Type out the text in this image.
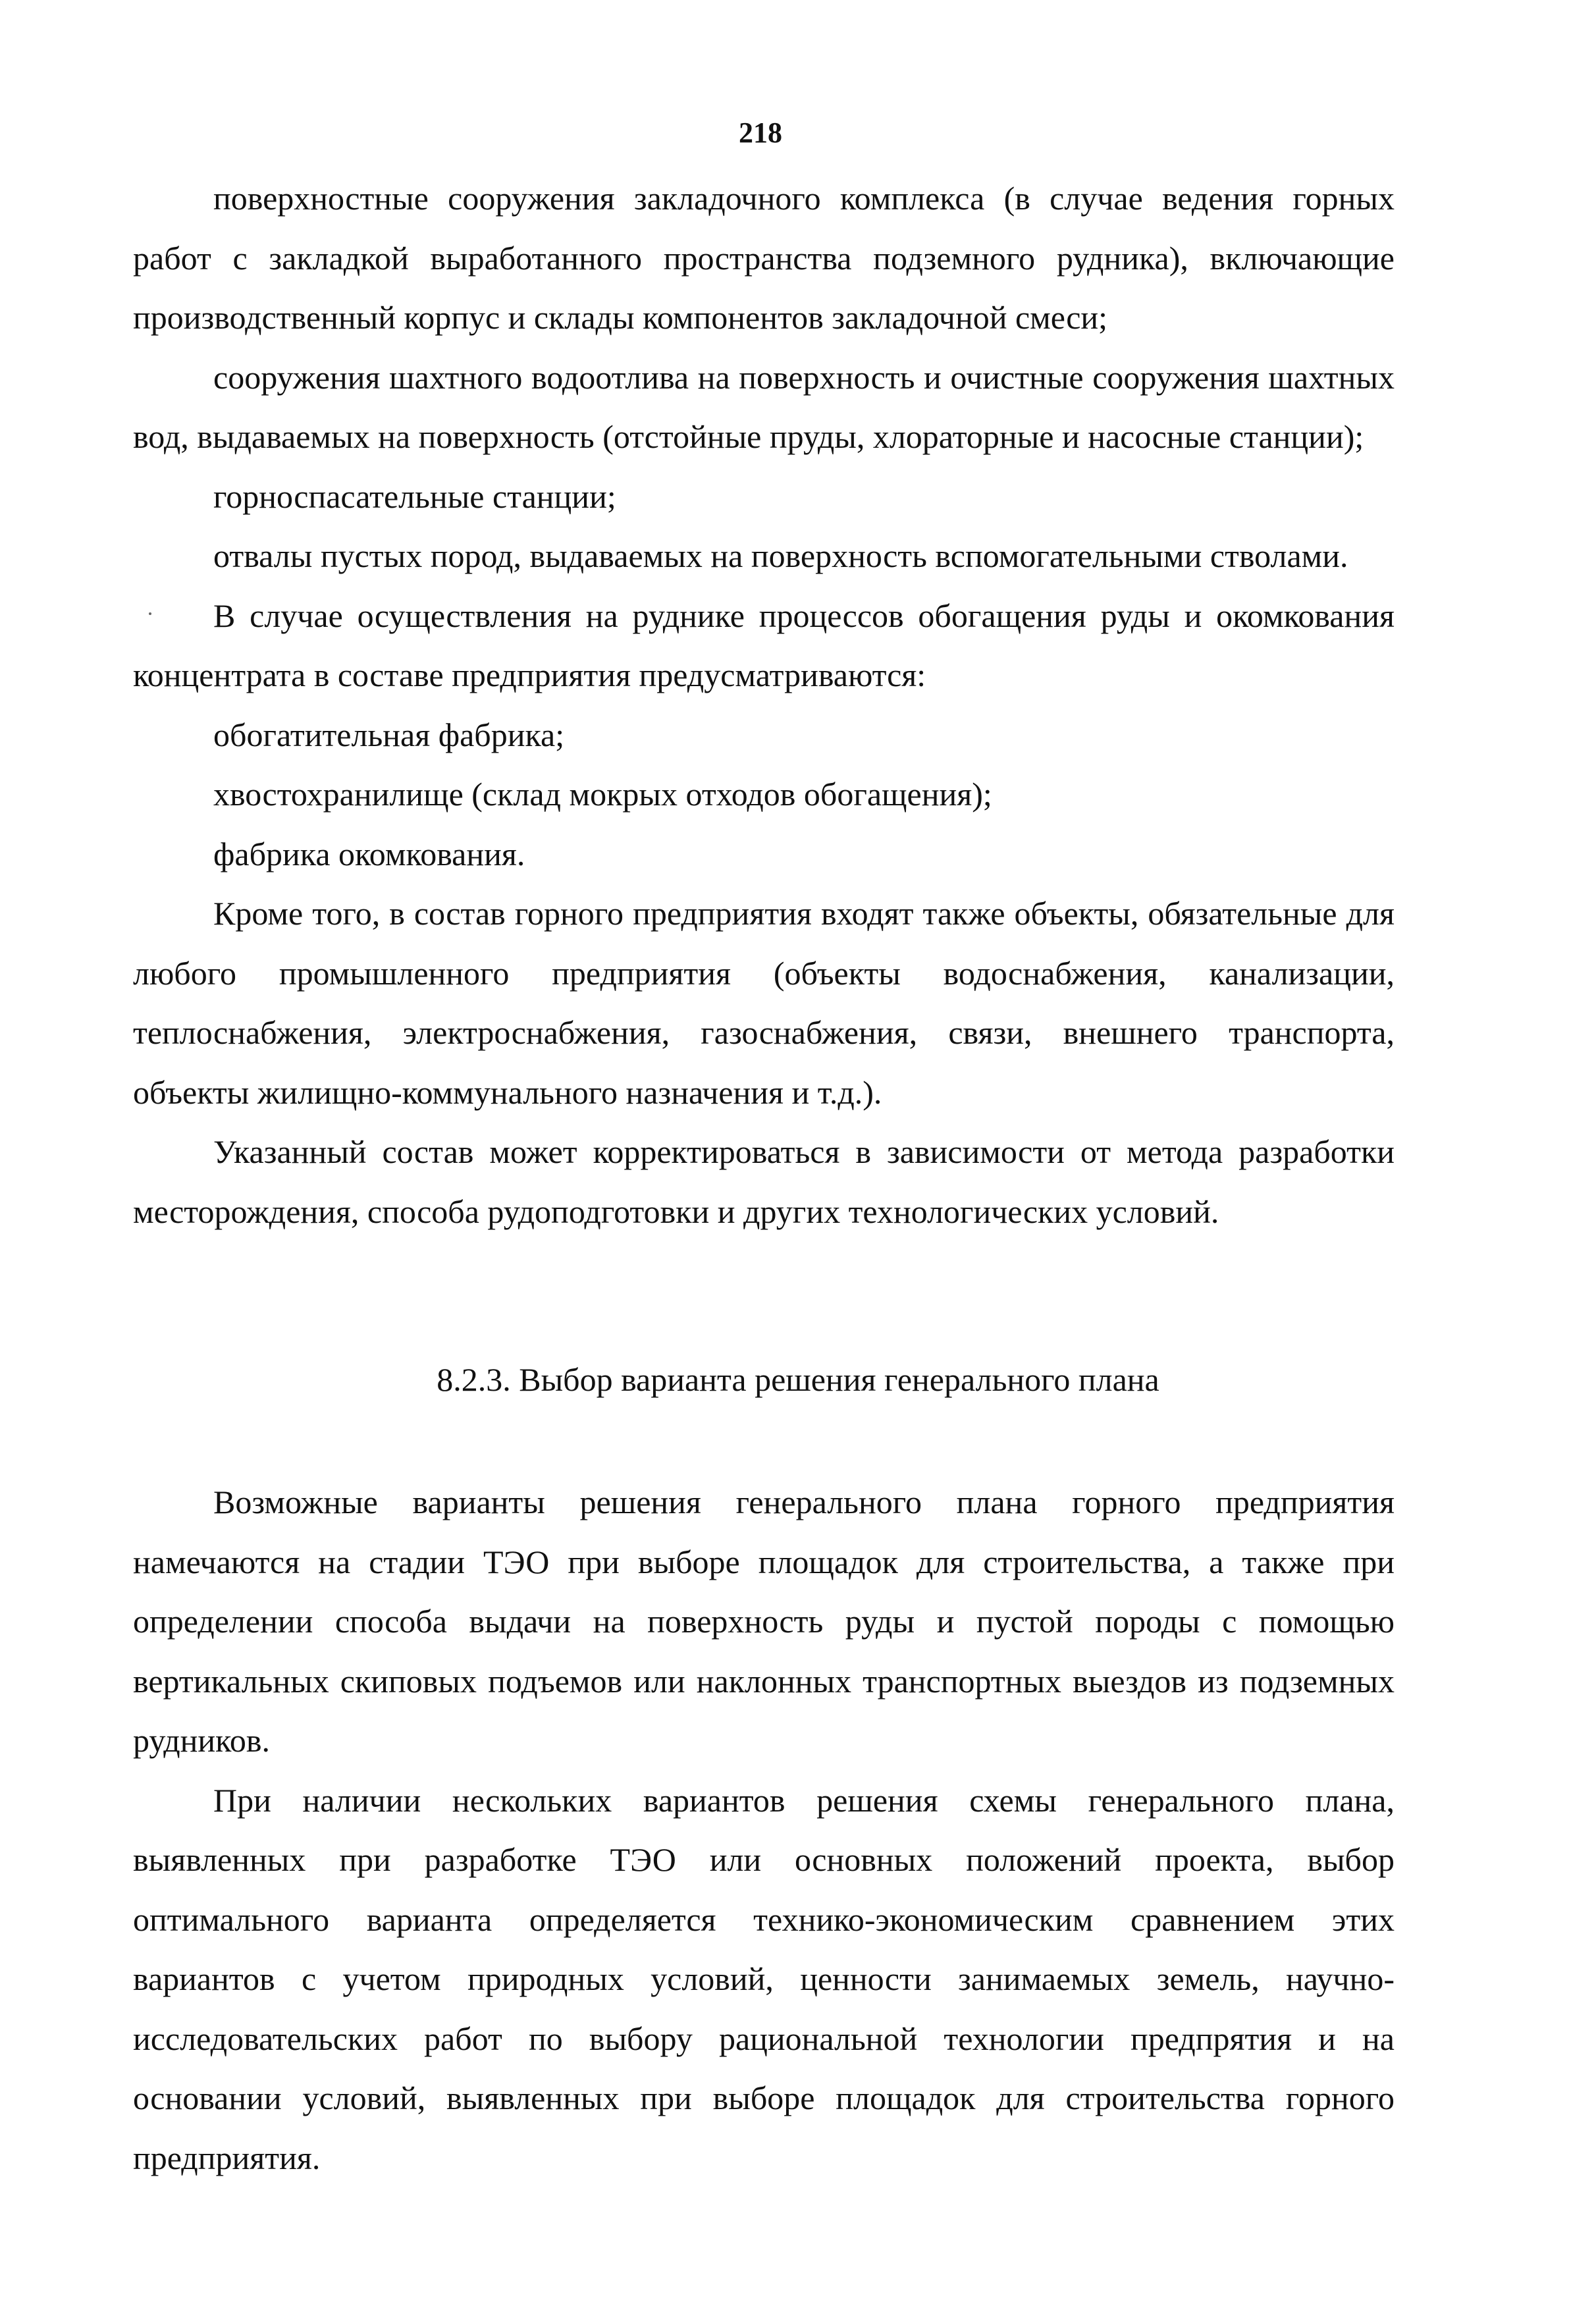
218

поверхностные сооружения закладочного комплекса (в случае ведения горных работ с закладкой выработанного пространства подземного рудника), включающие производственный корпус и склады компонентов закладочной смеси;

сооружения шахтного водоотлива на поверхность и очистные сооружения шахтных вод, выдаваемых на поверхность (отстойные пруды, хлораторные и насосные станции);

горноспасательные станции;

отвалы пустых пород, выдаваемых на поверхность вспомогательными стволами.

В случае осуществления на руднике процессов обогащения руды и окомкования концентрата в составе предприятия предусматриваются:

обогатительная фабрика;

хвостохранилище (склад мокрых отходов обогащения);

фабрика окомкования.

Кроме того, в состав горного предприятия входят также объекты, обязательные для любого промышленного предприятия (объекты водоснабжения, канализации, теплоснабжения, электроснабжения, газоснабжения, связи, внешнего транспорта, объекты жилищно-коммунального назначения и т.д.).

Указанный состав может корректироваться в зависимости от метода разработки месторождения, способа рудоподготовки и других технологических условий.

8.2.3. Выбор варианта решения генерального плана

Возможные варианты решения генерального плана горного предприятия намечаются на стадии ТЭО при выборе площадок для строительства, а также при определении способа выдачи на поверхность руды и пустой породы с помощью вертикальных скиповых подъемов или наклонных транспортных выездов из подземных рудников.

При наличии нескольких вариантов решения схемы генерального плана, выявленных при разработке ТЭО или основных положений проекта, выбор оптимального варианта определяется технико-экономическим сравнением этих вариантов с учетом природных условий, ценности занимаемых земель, научно-исследовательских работ по выбору рациональной технологии предпрятия и на основании условий, выявленных при выборе площадок для строительства горного предприятия.
